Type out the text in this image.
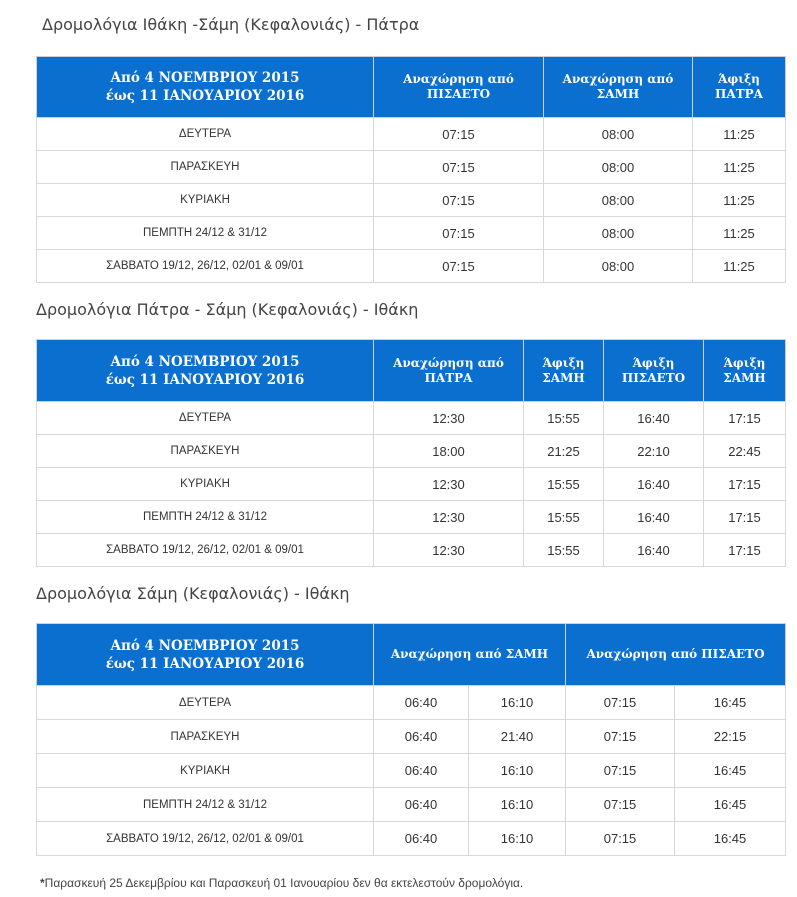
Δρομολόγια Ιθάκη -Σάμη (Κεφαλονιάς) - Πάτρα
Από 4 ΝΟΕΜΒΡΙΟΥ 2015
έως 11 ΙΑΝΟΥΑΡΙΟΥ 2016	Αναχώρηση από ΠΙΣΑΕΤΟ	Αναχώρηση από ΣΑΜΗ	Άφιξη ΠΑΤΡΑ
ΔΕΥΤΕΡΑ	07:15	08:00	11:25
ΠΑΡΑΣΚΕΥΗ	07:15	08:00	11:25
ΚΥΡΙΑΚΗ	07:15	08:00	11:25
ΠΕΜΠΤΗ 24/12 & 31/12	07:15	08:00	11:25
ΣΑΒΒΑΤΟ 19/12, 26/12, 02/01 & 09/01	07:15	08:00	11:25
Δρομολόγια Πάτρα - Σάμη (Κεφαλονιάς) - Ιθάκη
Από 4 ΝΟΕΜΒΡΙΟΥ 2015
έως 11 ΙΑΝΟΥΑΡΙΟΥ 2016	Αναχώρηση από ΠΑΤΡΑ	Άφιξη ΣΑΜΗ	Άφιξη ΠΙΣΑΕΤΟ	Άφιξη ΣΑΜΗ
ΔΕΥΤΕΡΑ	12:30	15:55	16:40	17:15
ΠΑΡΑΣΚΕΥΗ	18:00	21:25	22:10	22:45
ΚΥΡΙΑΚΗ	12:30	15:55	16:40	17:15
ΠΕΜΠΤΗ 24/12 & 31/12	12:30	15:55	16:40	17:15
ΣΑΒΒΑΤΟ 19/12, 26/12, 02/01 & 09/01	12:30	15:55	16:40	17:15
Δρομολόγια Σάμη (Κεφαλονιάς) - Ιθάκη
Από 4 ΝΟΕΜΒΡΙΟΥ 2015
έως 11 ΙΑΝΟΥΑΡΙΟΥ 2016	Αναχώρηση από ΣΑΜΗ		Αναχώρηση από ΠΙΣΑΕΤΟ	
ΔΕΥΤΕΡΑ	06:40	16:10	07:15	16:45
ΠΑΡΑΣΚΕΥΗ	06:40	21:40	07:15	22:15
ΚΥΡΙΑΚΗ	06:40	16:10	07:15	16:45
ΠΕΜΠΤΗ 24/12 & 31/12	06:40	16:10	07:15	16:45
ΣΑΒΒΑΤΟ 19/12, 26/12, 02/01 & 09/01	06:40	16:10	07:15	16:45
*Παρασκευή 25 Δεκεμβρίου και Παρασκευή 01 Ιανουαρίου δεν θα εκτελεστούν δρομολόγια.
